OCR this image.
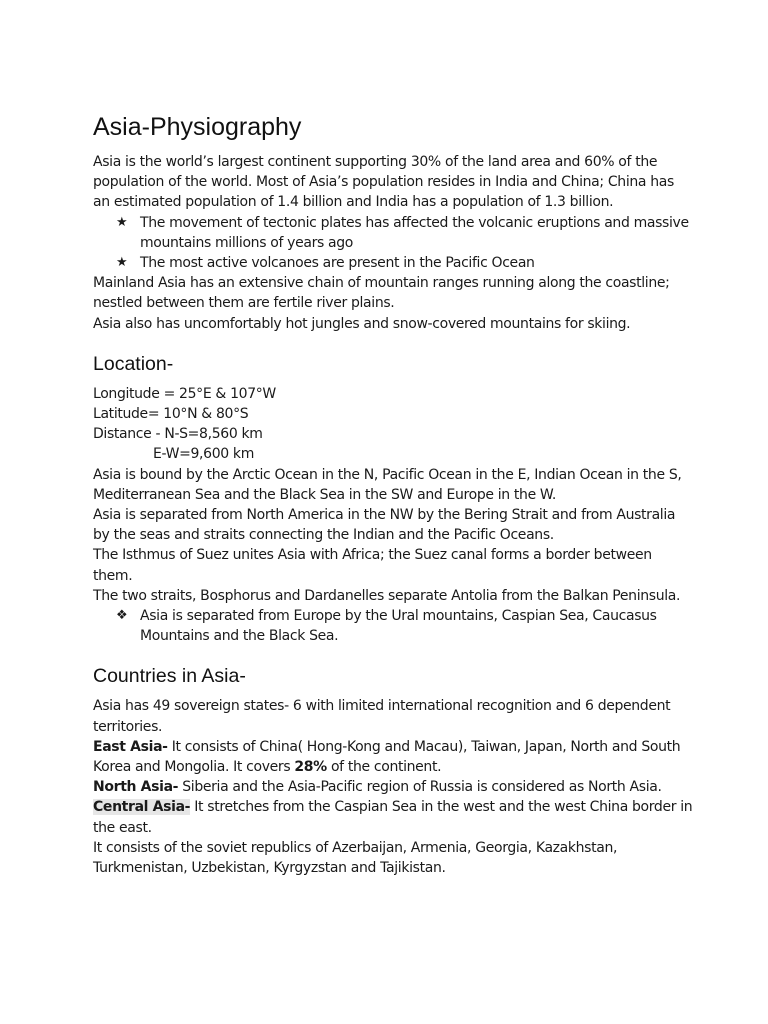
Asia-Physiography

Asia is the world’s largest continent supporting 30% of the land area and 60% of the population of the world. Most of Asia’s population resides in India and China; China has an estimated population of 1.4 billion and India has a population of 1.3 billion.

★ The movement of tectonic plates has affected the volcanic eruptions and massive mountains millions of years ago
★ The most active volcanoes are present in the Pacific Ocean

Mainland Asia has an extensive chain of mountain ranges running along the coastline; nestled between them are fertile river plains.

Asia also has uncomfortably hot jungles and snow-covered mountains for skiing.

Location-

Longitude = 25°E & 107°W

Latitude= 10°N & 80°S

Distance - N-S=8,560 km

E-W=9,600 km

Asia is bound by the Arctic Ocean in the N, Pacific Ocean in the E, Indian Ocean in the S, Mediterranean Sea and the Black Sea in the SW and Europe in the W.

Asia is separated from North America in the NW by the Bering Strait and from Australia by the seas and straits connecting the Indian and the Pacific Oceans.

The Isthmus of Suez unites Asia with Africa; the Suez canal forms a border between them.

The two straits, Bosphorus and Dardanelles separate Antolia from the Balkan Peninsula.

❖ Asia is separated from Europe by the Ural mountains, Caspian Sea, Caucasus Mountains and the Black Sea.
Countries in Asia-

Asia has 49 sovereign states- 6 with limited international recognition and 6 dependent territories.

East Asia- It consists of China( Hong-Kong and Macau), Taiwan, Japan, North and South Korea and Mongolia. It covers 28% of the continent.

North Asia- Siberia and the Asia-Pacific region of Russia is considered as North Asia.

Central Asia- It stretches from the Caspian Sea in the west and the west China border in the east.

It consists of the soviet republics of Azerbaijan, Armenia, Georgia, Kazakhstan, Turkmenistan, Uzbekistan, Kyrgyzstan and Tajikistan.
